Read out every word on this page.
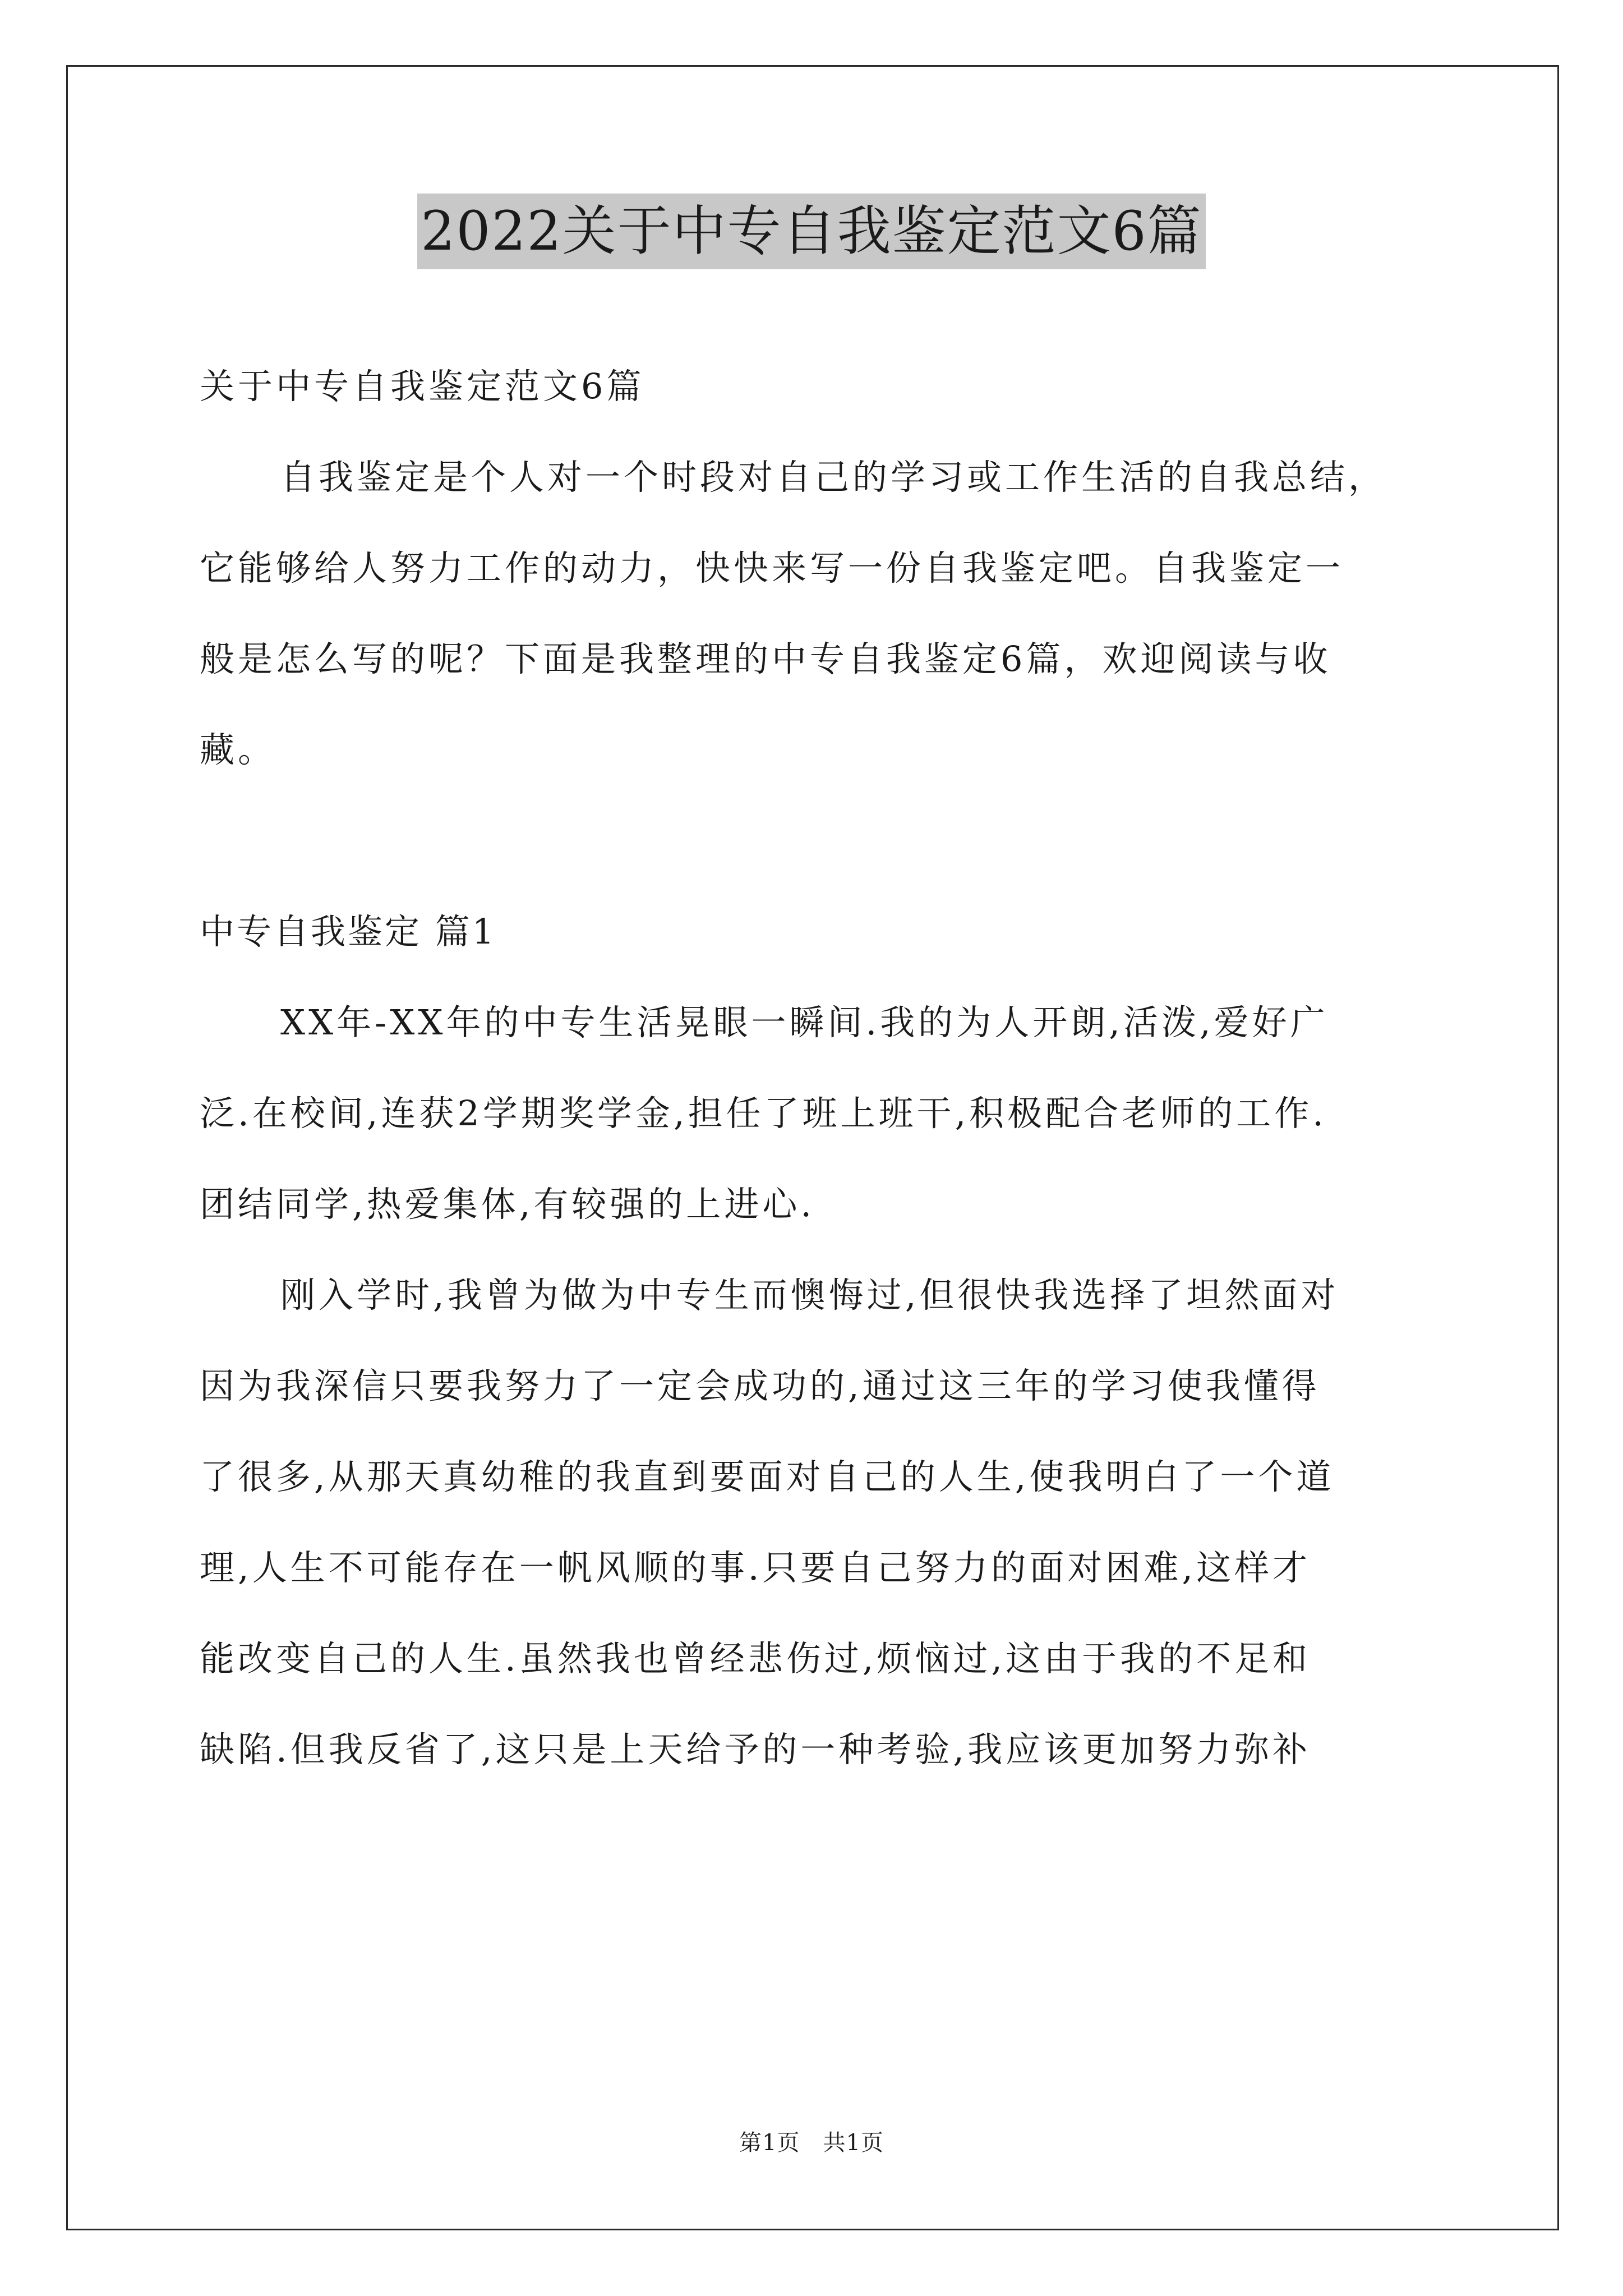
2022关于中专自我鉴定范文6篇
关于中专自我鉴定范文6篇
自我鉴定是个人对一个时段对自己的学习或工作生活的自我总结，
它能够给人努力工作的动力，快快来写一份自我鉴定吧。自我鉴定一
般是怎么写的呢？下面是我整理的中专自我鉴定6篇，欢迎阅读与收
藏。
中专自我鉴定 篇1
XX年-XX年的中专生活晃眼一瞬间.我的为人开朗,活泼,爱好广
泛.在校间,连获2学期奖学金,担任了班上班干,积极配合老师的工作.
团结同学,热爱集体,有较强的上进心.
刚入学时,我曾为做为中专生而懊悔过,但很快我选择了坦然面对
因为我深信只要我努力了一定会成功的,通过这三年的学习使我懂得
了很多,从那天真幼稚的我直到要面对自己的人生,使我明白了一个道
理,人生不可能存在一帆风顺的事.只要自己努力的面对困难,这样才
能改变自己的人生.虽然我也曾经悲伤过,烦恼过,这由于我的不足和
缺陷.但我反省了,这只是上天给予的一种考验,我应该更加努力弥补
第1页　共1页
